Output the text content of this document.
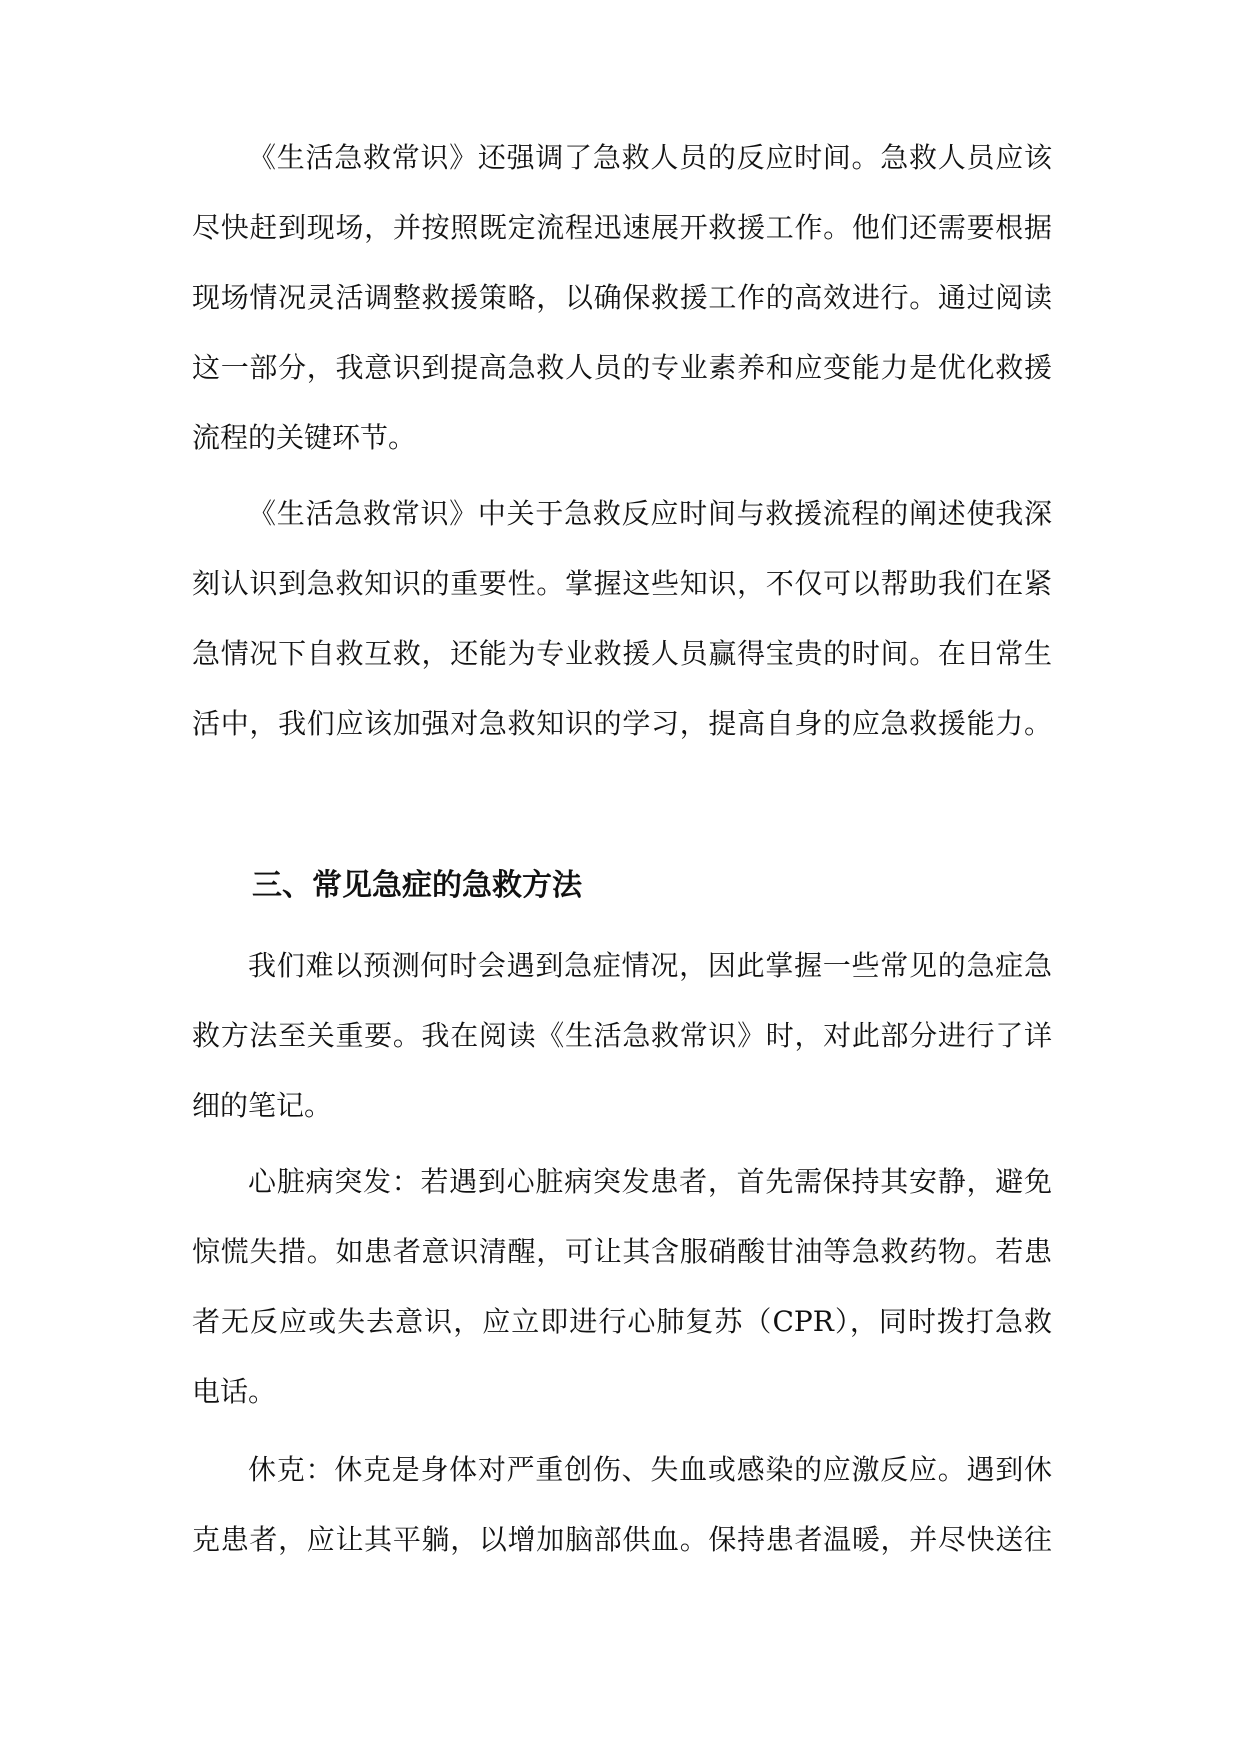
《生活急救常识》还强调了急救人员的反应时间。急救人员应该
尽快赶到现场，并按照既定流程迅速展开救援工作。他们还需要根据
现场情况灵活调整救援策略，以确保救援工作的高效进行。通过阅读
这一部分，我意识到提高急救人员的专业素养和应变能力是优化救援
流程的关键环节。
《生活急救常识》中关于急救反应时间与救援流程的阐述使我深
刻认识到急救知识的重要性。掌握这些知识，不仅可以帮助我们在紧
急情况下自救互救，还能为专业救援人员赢得宝贵的时间。在日常生
活中，我们应该加强对急救知识的学习，提高自身的应急救援能力。
三、常见急症的急救方法
我们难以预测何时会遇到急症情况，因此掌握一些常见的急症急
救方法至关重要。我在阅读《生活急救常识》时，对此部分进行了详
细的笔记。
心脏病突发：若遇到心脏病突发患者，首先需保持其安静，避免
惊慌失措。如患者意识清醒，可让其含服硝酸甘油等急救药物。若患
者无反应或失去意识，应立即进行心肺复苏（CPR），同时拨打急救
电话。
休克：休克是身体对严重创伤、失血或感染的应激反应。遇到休
克患者，应让其平躺，以增加脑部供血。保持患者温暖，并尽快送往
